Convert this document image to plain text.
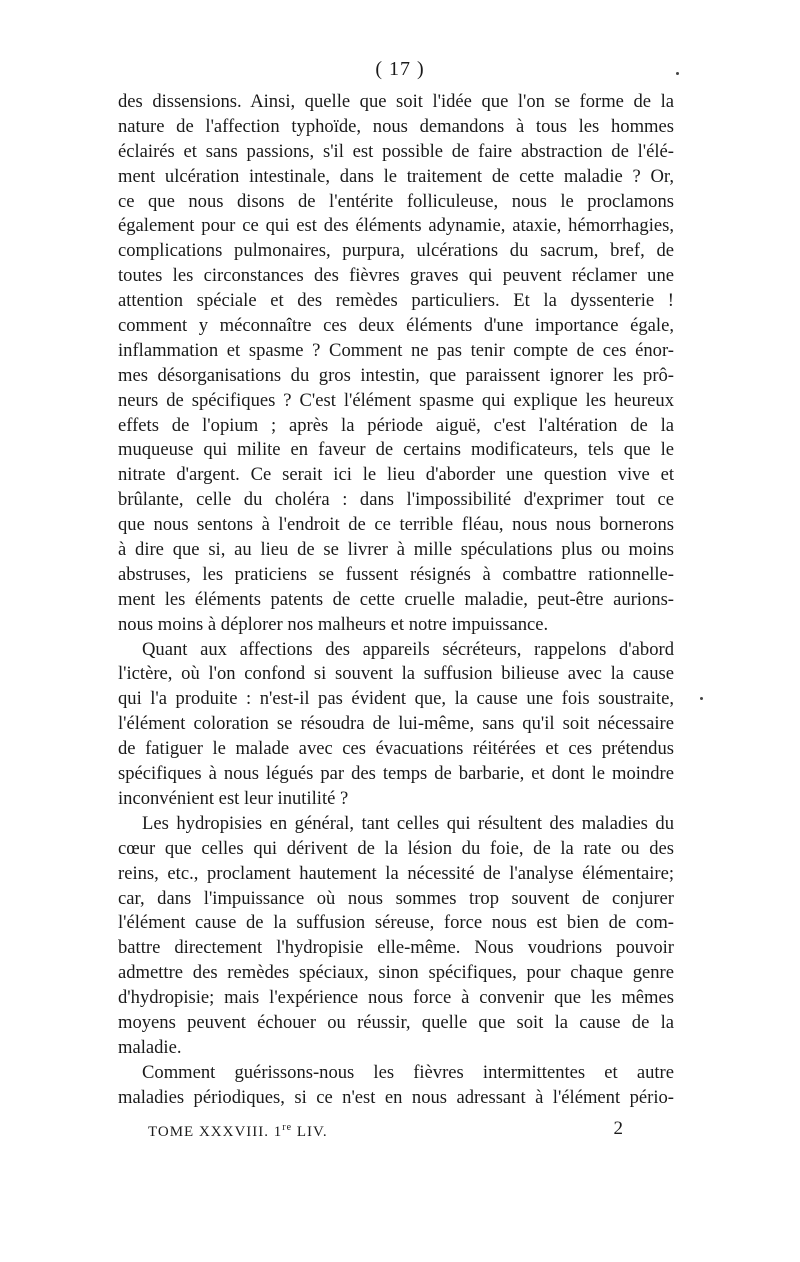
( 17 )
des dissensions. Ainsi, quelle que soit l'idée que l'on se forme de la
nature de l'affection typhoïde, nous demandons à tous les hommes
éclairés et sans passions, s'il est possible de faire abstraction de l'élé-
ment ulcération intestinale, dans le traitement de cette maladie ? Or,
ce que nous disons de l'entérite folliculeuse, nous le proclamons
également pour ce qui est des éléments adynamie, ataxie, hémorrhagies,
complications pulmonaires, purpura, ulcérations du sacrum, bref, de
toutes les circonstances des fièvres graves qui peuvent réclamer une
attention spéciale et des remèdes particuliers. Et la dyssenterie !
comment y méconnaître ces deux éléments d'une importance égale,
inflammation et spasme ? Comment ne pas tenir compte de ces énor-
mes désorganisations du gros intestin, que paraissent ignorer les prô-
neurs de spécifiques ? C'est l'élément spasme qui explique les heureux
effets de l'opium ; après la période aiguë, c'est l'altération de la
muqueuse qui milite en faveur de certains modificateurs, tels que le
nitrate d'argent. Ce serait ici le lieu d'aborder une question vive et
brûlante, celle du choléra : dans l'impossibilité d'exprimer tout ce
que nous sentons à l'endroit de ce terrible fléau, nous nous bornerons
à dire que si, au lieu de se livrer à mille spéculations plus ou moins
abstruses, les praticiens se fussent résignés à combattre rationnelle-
ment les éléments patents de cette cruelle maladie, peut-être aurions-
nous moins à déplorer nos malheurs et notre impuissance.
Quant aux affections des appareils sécréteurs, rappelons d'abord
l'ictère, où l'on confond si souvent la suffusion bilieuse avec la cause
qui l'a produite : n'est-il pas évident que, la cause une fois soustraite,
l'élément coloration se résoudra de lui-même, sans qu'il soit nécessaire
de fatiguer le malade avec ces évacuations réitérées et ces prétendus
spécifiques à nous légués par des temps de barbarie, et dont le moindre
inconvénient est leur inutilité ?
Les hydropisies en général, tant celles qui résultent des maladies du
cœur que celles qui dérivent de la lésion du foie, de la rate ou des
reins, etc., proclament hautement la nécessité de l'analyse élémentaire;
car, dans l'impuissance où nous sommes trop souvent de conjurer
l'élément cause de la suffusion séreuse, force nous est bien de com-
battre directement l'hydropisie elle-même. Nous voudrions pouvoir
admettre des remèdes spéciaux, sinon spécifiques, pour chaque genre
d'hydropisie; mais l'expérience nous force à convenir que les mêmes
moyens peuvent échouer ou réussir, quelle que soit la cause de la
maladie.
Comment guérissons-nous les fièvres intermittentes et autre
maladies périodiques, si ce n'est en nous adressant à l'élément pério-
TOME XXXVIII. 1re LIV.	2
